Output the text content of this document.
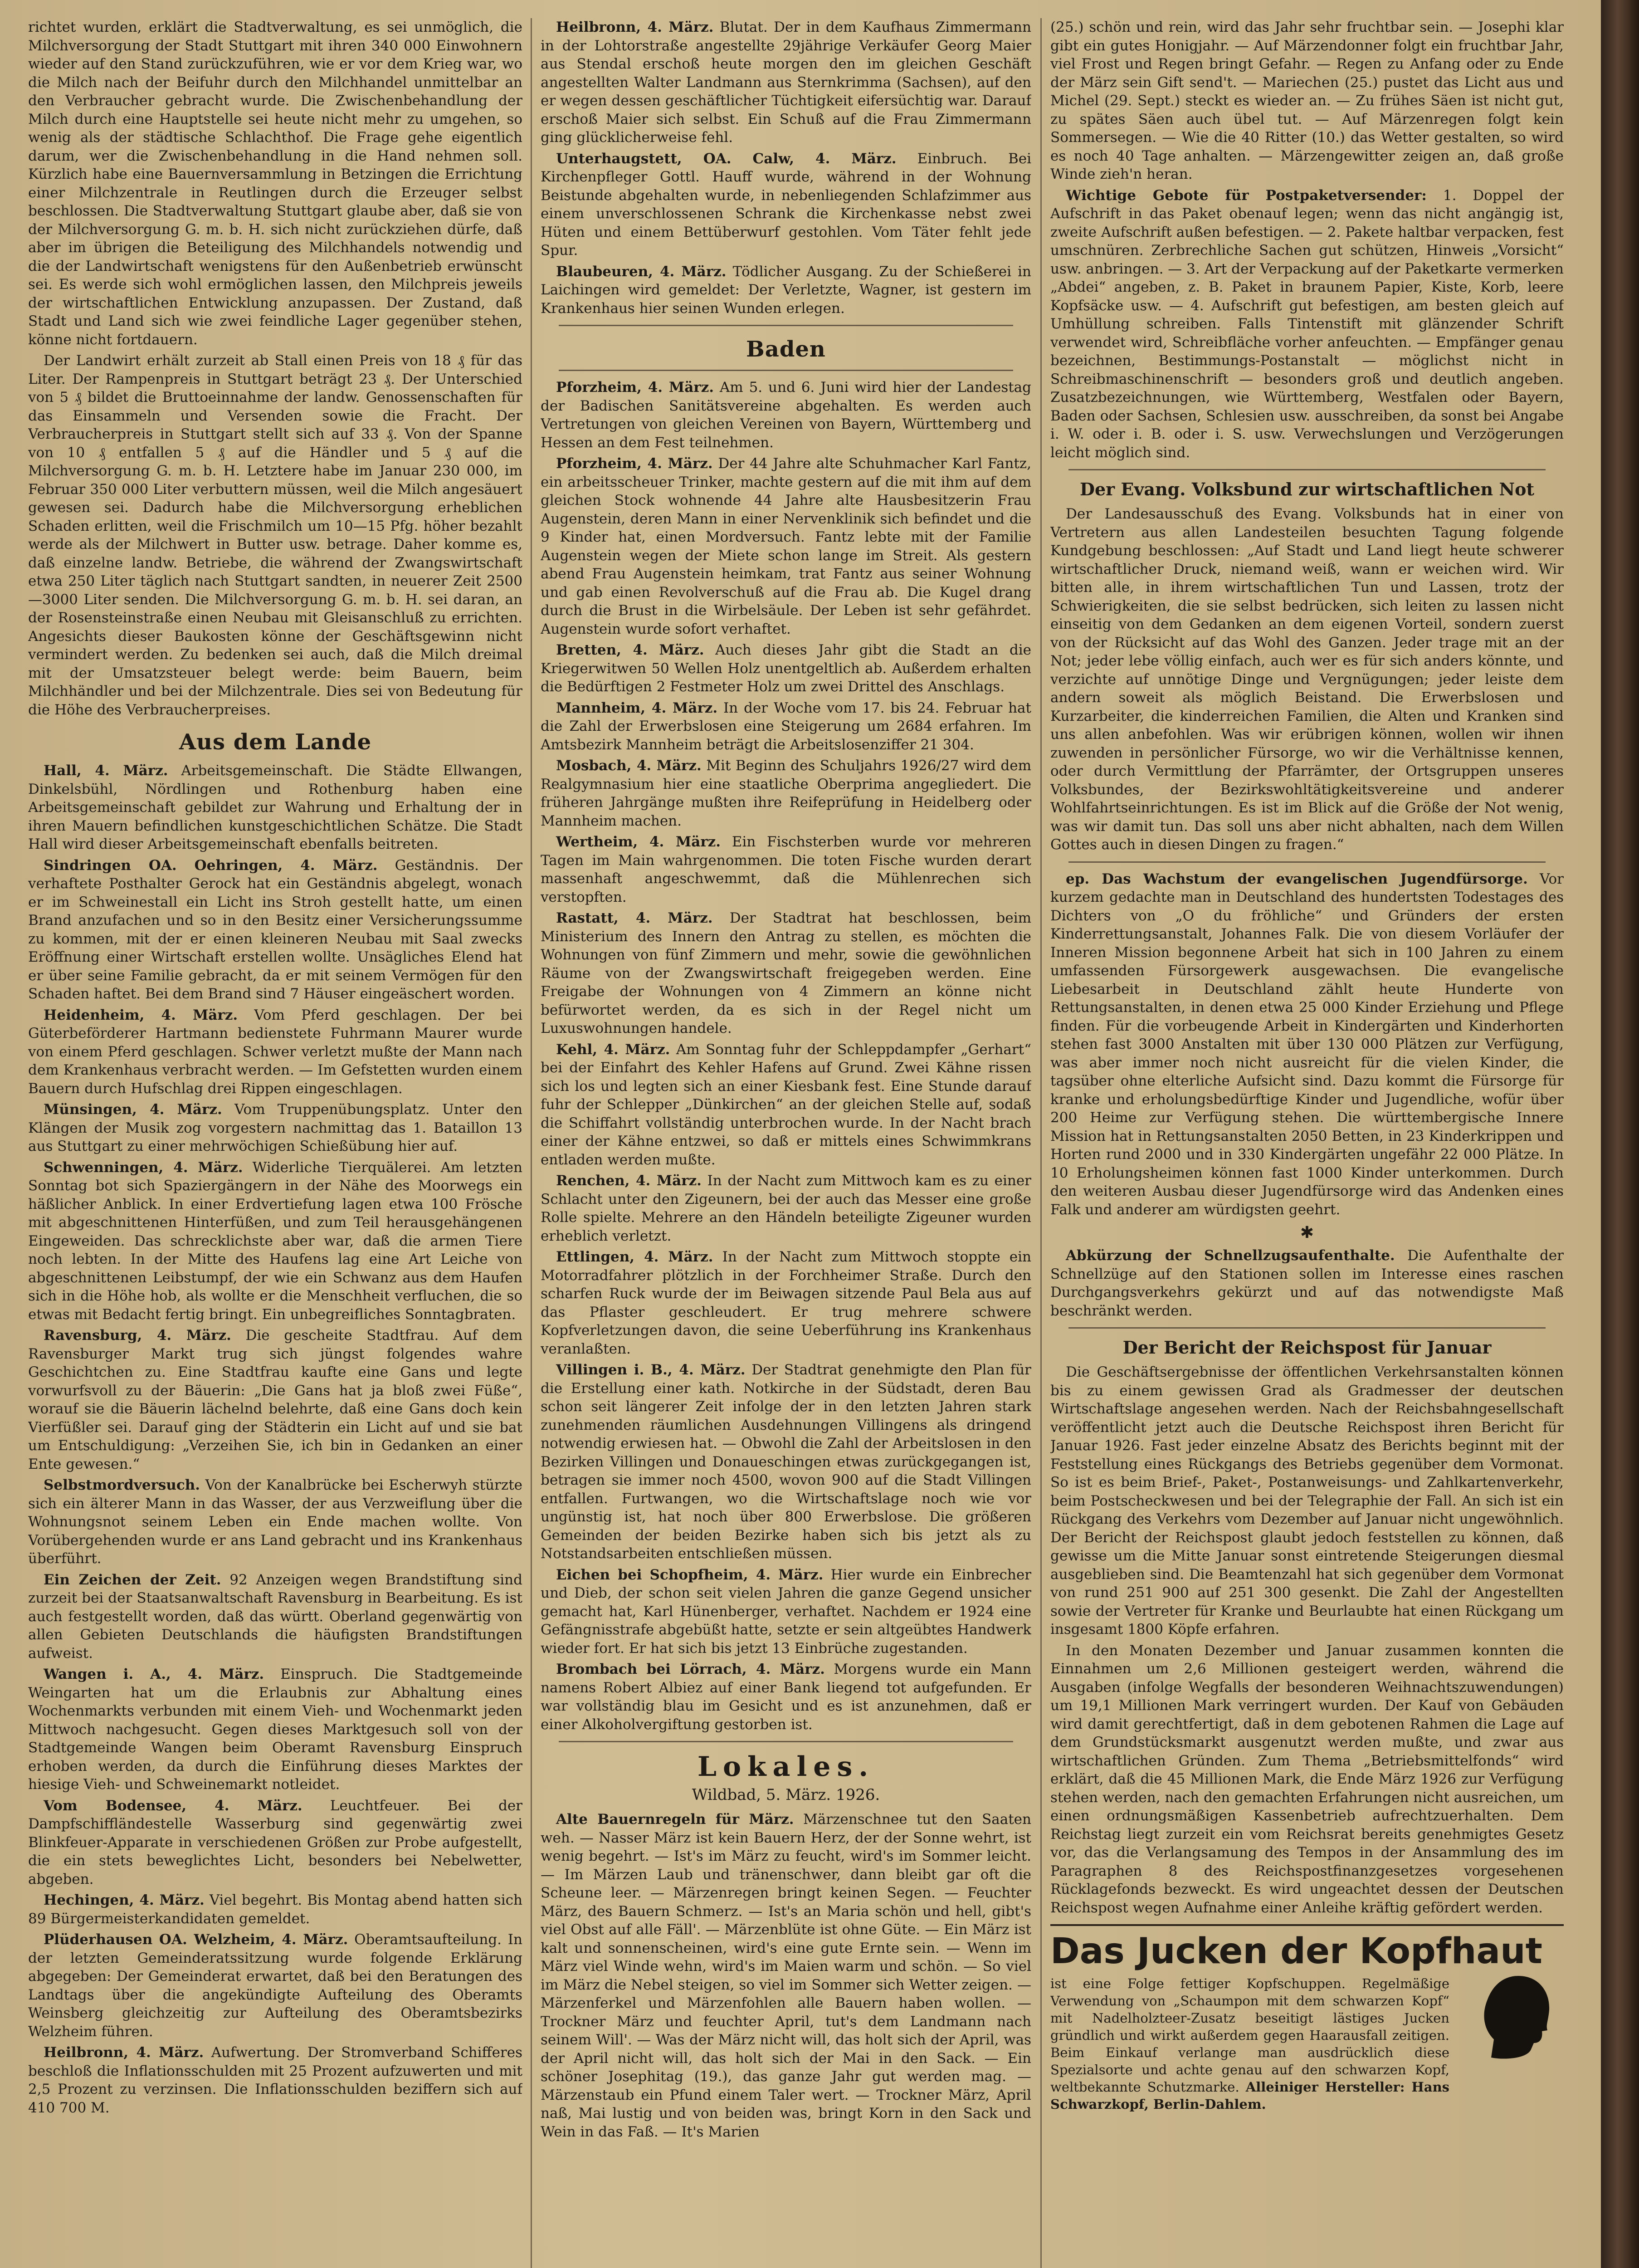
richtet wurden, erklärt die Stadtverwaltung, es sei unmöglich, die Milchversorgung der Stadt Stuttgart mit ihren 340 000 Einwohnern wieder auf den Stand zurückzuführen, wie er vor dem Krieg war, wo die Milch nach der Beifuhr durch den Milchhandel unmittelbar an den Verbraucher gebracht wurde. Die Zwischenbehandlung der Milch durch eine Hauptstelle sei heute nicht mehr zu umgehen, so wenig als der städtische Schlachthof. Die Frage gehe eigentlich darum, wer die Zwischenbehandlung in die Hand nehmen soll. Kürzlich habe eine Bauernversammlung in Betzingen die Errichtung einer Milchzentrale in Reutlingen durch die Erzeuger selbst beschlossen. Die Stadtverwaltung Stuttgart glaube aber, daß sie von der Milchversorgung G. m. b. H. sich nicht zurückziehen dürfe, daß aber im übrigen die Beteiligung des Milchhandels notwendig und die der Landwirtschaft wenigstens für den Außenbetrieb erwünscht sei. Es werde sich wohl ermöglichen lassen, den Milchpreis jeweils der wirtschaftlichen Entwicklung anzupassen. Der Zustand, daß Stadt und Land sich wie zwei feindliche Lager gegenüber stehen, könne nicht fortdauern.

Der Landwirt erhält zurzeit ab Stall einen Preis von 18 ₰ für das Liter. Der Rampenpreis in Stuttgart beträgt 23 ₰. Der Unterschied von 5 ₰ bildet die Bruttoeinnahme der landw. Genossenschaften für das Einsammeln und Versenden sowie die Fracht. Der Verbraucherpreis in Stuttgart stellt sich auf 33 ₰. Von der Spanne von 10 ₰ entfallen 5 ₰ auf die Händler und 5 ₰ auf die Milchversorgung G. m. b. H. Letztere habe im Januar 230 000, im Februar 350 000 Liter verbuttern müssen, weil die Milch angesäuert gewesen sei. Dadurch habe die Milchversorgung erheblichen Schaden erlitten, weil die Frischmilch um 10—15 Pfg. höher bezahlt werde als der Milchwert in Butter usw. betrage. Daher komme es, daß einzelne landw. Betriebe, die während der Zwangswirtschaft etwa 250 Liter täglich nach Stuttgart sandten, in neuerer Zeit 2500—3000 Liter senden. Die Milchversorgung G. m. b. H. sei daran, an der Rosensteinstraße einen Neubau mit Gleisanschluß zu errichten. Angesichts dieser Baukosten könne der Geschäftsgewinn nicht vermindert werden. Zu bedenken sei auch, daß die Milch dreimal mit der Umsatzsteuer belegt werde: beim Bauern, beim Milchhändler und bei der Milchzentrale. Dies sei von Bedeutung für die Höhe des Verbraucherpreises.

Aus dem Lande

Hall, 4. März. Arbeitsgemeinschaft. Die Städte Ellwangen, Dinkelsbühl, Nördlingen und Rothenburg haben eine Arbeitsgemeinschaft gebildet zur Wahrung und Erhaltung der in ihren Mauern befindlichen kunstgeschichtlichen Schätze. Die Stadt Hall wird dieser Arbeitsgemeinschaft ebenfalls beitreten.

Sindringen OA. Oehringen, 4. März. Geständnis. Der verhaftete Posthalter Gerock hat ein Geständnis abgelegt, wonach er im Schweinestall ein Licht ins Stroh gestellt hatte, um einen Brand anzufachen und so in den Besitz einer Versicherungssumme zu kommen, mit der er einen kleineren Neubau mit Saal zwecks Eröffnung einer Wirtschaft erstellen wollte. Unsägliches Elend hat er über seine Familie gebracht, da er mit seinem Vermögen für den Schaden haftet. Bei dem Brand sind 7 Häuser eingeäschert worden.

Heidenheim, 4. März. Vom Pferd geschlagen. Der bei Güterbeförderer Hartmann bedienstete Fuhrmann Maurer wurde von einem Pferd geschlagen. Schwer verletzt mußte der Mann nach dem Krankenhaus verbracht werden. — Im Gefstetten wurden einem Bauern durch Hufschlag drei Rippen eingeschlagen.

Münsingen, 4. März. Vom Truppenübungsplatz. Unter den Klängen der Musik zog vorgestern nachmittag das 1. Bataillon 13 aus Stuttgart zu einer mehrwöchigen Schießübung hier auf.

Schwenningen, 4. März. Widerliche Tierquälerei. Am letzten Sonntag bot sich Spaziergängern in der Nähe des Moorwegs ein häßlicher Anblick. In einer Erdvertiefung lagen etwa 100 Frösche mit abgeschnittenen Hinterfüßen, und zum Teil herausgehängenen Eingeweiden. Das schrecklichste aber war, daß die armen Tiere noch lebten. In der Mitte des Haufens lag eine Art Leiche von abgeschnittenen Leibstumpf, der wie ein Schwanz aus dem Haufen sich in die Höhe hob, als wollte er die Menschheit verfluchen, die so etwas mit Bedacht fertig bringt. Ein unbegreifliches Sonntagbraten.

Ravensburg, 4. März. Die gescheite Stadtfrau. Auf dem Ravensburger Markt trug sich jüngst folgendes wahre Geschichtchen zu. Eine Stadtfrau kaufte eine Gans und legte vorwurfsvoll zu der Bäuerin: „Die Gans hat ja bloß zwei Füße“, worauf sie die Bäuerin lächelnd belehrte, daß eine Gans doch kein Vierfüßler sei. Darauf ging der Städterin ein Licht auf und sie bat um Entschuldigung: „Verzeihen Sie, ich bin in Gedanken an einer Ente gewesen.“

Selbstmordversuch. Von der Kanalbrücke bei Escherwyh stürzte sich ein älterer Mann in das Wasser, der aus Verzweiflung über die Wohnungsnot seinem Leben ein Ende machen wollte. Von Vorübergehenden wurde er ans Land gebracht und ins Krankenhaus überführt.

Ein Zeichen der Zeit. 92 Anzeigen wegen Brandstiftung sind zurzeit bei der Staatsanwaltschaft Ravensburg in Bearbeitung. Es ist auch festgestellt worden, daß das württ. Oberland gegenwärtig von allen Gebieten Deutschlands die häufigsten Brandstiftungen aufweist.

Wangen i. A., 4. März. Einspruch. Die Stadtgemeinde Weingarten hat um die Erlaubnis zur Abhaltung eines Wochenmarkts verbunden mit einem Vieh- und Wochenmarkt jeden Mittwoch nachgesucht. Gegen dieses Marktgesuch soll von der Stadtgemeinde Wangen beim Oberamt Ravensburg Einspruch erhoben werden, da durch die Einführung dieses Marktes der hiesige Vieh- und Schweinemarkt notleidet.

Vom Bodensee, 4. März. Leuchtfeuer. Bei der Dampfschiffländestelle Wasserburg sind gegenwärtig zwei Blinkfeuer-Apparate in verschiedenen Größen zur Probe aufgestellt, die ein stets beweglichtes Licht, besonders bei Nebelwetter, abgeben.

Hechingen, 4. März. Viel begehrt. Bis Montag abend hatten sich 89 Bürgermeisterkandidaten gemeldet.

Plüderhausen OA. Welzheim, 4. März. Oberamtsaufteilung. In der letzten Gemeinderatssitzung wurde folgende Erklärung abgegeben: Der Gemeinderat erwartet, daß bei den Beratungen des Landtags über die angekündigte Aufteilung des Oberamts Weinsberg gleichzeitig zur Aufteilung des Oberamtsbezirks Welzheim führen.

Heilbronn, 4. März. Aufwertung. Der Stromverband Schifferes beschloß die Inflationsschulden mit 25 Prozent aufzuwerten und mit 2,5 Prozent zu verzinsen. Die Inflationsschulden beziffern sich auf 410 700 M.

Heilbronn, 4. März. Blutat. Der in dem Kaufhaus Zimmermann in der Lohtorstraße angestellte 29jährige Verkäufer Georg Maier aus Stendal erschoß heute morgen den im gleichen Geschäft angestellten Walter Landmann aus Sternkrimma (Sachsen), auf den er wegen dessen geschäftlicher Tüchtigkeit eifersüchtig war. Darauf erschoß Maier sich selbst. Ein Schuß auf die Frau Zimmermann ging glücklicherweise fehl.

Unterhaugstett, OA. Calw, 4. März. Einbruch. Bei Kirchenpfleger Gottl. Hauff wurde, während in der Wohnung Beistunde abgehalten wurde, in nebenliegenden Schlafzimmer aus einem unverschlossenen Schrank die Kirchenkasse nebst zwei Hüten und einem Bettüberwurf gestohlen. Vom Täter fehlt jede Spur.

Blaubeuren, 4. März. Tödlicher Ausgang. Zu der Schießerei in Laichingen wird gemeldet: Der Verletzte, Wagner, ist gestern im Krankenhaus hier seinen Wunden erlegen.

Baden

Pforzheim, 4. März. Am 5. und 6. Juni wird hier der Landestag der Badischen Sanitätsvereine abgehalten. Es werden auch Vertretungen von gleichen Vereinen von Bayern, Württemberg und Hessen an dem Fest teilnehmen.

Pforzheim, 4. März. Der 44 Jahre alte Schuhmacher Karl Fantz, ein arbeitsscheuer Trinker, machte gestern auf die mit ihm auf dem gleichen Stock wohnende 44 Jahre alte Hausbesitzerin Frau Augenstein, deren Mann in einer Nervenklinik sich befindet und die 9 Kinder hat, einen Mordversuch. Fantz lebte mit der Familie Augenstein wegen der Miete schon lange im Streit. Als gestern abend Frau Augenstein heimkam, trat Fantz aus seiner Wohnung und gab einen Revolverschuß auf die Frau ab. Die Kugel drang durch die Brust in die Wirbelsäule. Der Leben ist sehr gefährdet. Augenstein wurde sofort verhaftet.

Bretten, 4. März. Auch dieses Jahr gibt die Stadt an die Kriegerwitwen 50 Wellen Holz unentgeltlich ab. Außerdem erhalten die Bedürftigen 2 Festmeter Holz um zwei Drittel des Anschlags.

Mannheim, 4. März. In der Woche vom 17. bis 24. Februar hat die Zahl der Erwerbslosen eine Steigerung um 2684 erfahren. Im Amtsbezirk Mannheim beträgt die Arbeitslosenziffer 21 304.

Mosbach, 4. März. Mit Beginn des Schuljahrs 1926/27 wird dem Realgymnasium hier eine staatliche Oberprima angegliedert. Die früheren Jahrgänge mußten ihre Reifeprüfung in Heidelberg oder Mannheim machen.

Wertheim, 4. März. Ein Fischsterben wurde vor mehreren Tagen im Main wahrgenommen. Die toten Fische wurden derart massenhaft angeschwemmt, daß die Mühlenrechen sich verstopften.

Rastatt, 4. März. Der Stadtrat hat beschlossen, beim Ministerium des Innern den Antrag zu stellen, es möchten die Wohnungen von fünf Zimmern und mehr, sowie die gewöhnlichen Räume von der Zwangswirtschaft freigegeben werden. Eine Freigabe der Wohnungen von 4 Zimmern an könne nicht befürwortet werden, da es sich in der Regel nicht um Luxuswohnungen handele.

Kehl, 4. März. Am Sonntag fuhr der Schleppdampfer „Gerhart“ bei der Einfahrt des Kehler Hafens auf Grund. Zwei Kähne rissen sich los und legten sich an einer Kiesbank fest. Eine Stunde darauf fuhr der Schlepper „Dünkirchen“ an der gleichen Stelle auf, sodaß die Schiffahrt vollständig unterbrochen wurde. In der Nacht brach einer der Kähne entzwei, so daß er mittels eines Schwimmkrans entladen werden mußte.

Renchen, 4. März. In der Nacht zum Mittwoch kam es zu einer Schlacht unter den Zigeunern, bei der auch das Messer eine große Rolle spielte. Mehrere an den Händeln beteiligte Zigeuner wurden erheblich verletzt.

Ettlingen, 4. März. In der Nacht zum Mittwoch stoppte ein Motorradfahrer plötzlich in der Forchheimer Straße. Durch den scharfen Ruck wurde der im Beiwagen sitzende Paul Bela aus auf das Pflaster geschleudert. Er trug mehrere schwere Kopfverletzungen davon, die seine Ueberführung ins Krankenhaus veranlaßten.

Villingen i. B., 4. März. Der Stadtrat genehmigte den Plan für die Erstellung einer kath. Notkirche in der Südstadt, deren Bau schon seit längerer Zeit infolge der in den letzten Jahren stark zunehmenden räumlichen Ausdehnungen Villingens als dringend notwendig erwiesen hat. — Obwohl die Zahl der Arbeitslosen in den Bezirken Villingen und Donaueschingen etwas zurückgegangen ist, betragen sie immer noch 4500, wovon 900 auf die Stadt Villingen entfallen. Furtwangen, wo die Wirtschaftslage noch wie vor ungünstig ist, hat noch über 800 Erwerbslose. Die größeren Gemeinden der beiden Bezirke haben sich bis jetzt als zu Notstandsarbeiten entschließen müssen.

Eichen bei Schopfheim, 4. März. Hier wurde ein Einbrecher und Dieb, der schon seit vielen Jahren die ganze Gegend unsicher gemacht hat, Karl Hünenberger, verhaftet. Nachdem er 1924 eine Gefängnisstrafe abgebüßt hatte, setzte er sein altgeübtes Handwerk wieder fort. Er hat sich bis jetzt 13 Einbrüche zugestanden.

Brombach bei Lörrach, 4. März. Morgens wurde ein Mann namens Robert Albiez auf einer Bank liegend tot aufgefunden. Er war vollständig blau im Gesicht und es ist anzunehmen, daß er einer Alkoholvergiftung gestorben ist.

Lokales.
Wildbad, 5. März. 1926.

Alte Bauernregeln für März. Märzenschnee tut den Saaten weh. — Nasser März ist kein Bauern Herz, der der Sonne wehrt, ist wenig begehrt. — Ist's im März zu feucht, wird's im Sommer leicht. — Im Märzen Laub und tränenschwer, dann bleibt gar oft die Scheune leer. — Märzenregen bringt keinen Segen. — Feuchter März, des Bauern Schmerz. — Ist's an Maria schön und hell, gibt's viel Obst auf alle Fäll'. — Märzenblüte ist ohne Güte. — Ein März ist kalt und sonnenscheinen, wird's eine gute Ernte sein. — Wenn im März viel Winde wehn, wird's im Maien warm und schön. — So viel im März die Nebel steigen, so viel im Sommer sich Wetter zeigen. — Märzenferkel und Märzenfohlen alle Bauern haben wollen. — Trockner März und feuchter April, tut's dem Landmann nach seinem Will'. — Was der März nicht will, das holt sich der April, was der April nicht will, das holt sich der Mai in den Sack. — Ein schöner Josephitag (19.), das ganze Jahr gut werden mag. — Märzenstaub ein Pfund einem Taler wert. — Trockner März, April naß, Mai lustig und von beiden was, bringt Korn in den Sack und Wein in das Faß. — It's Marien

(25.) schön und rein, wird das Jahr sehr fruchtbar sein. — Josephi klar gibt ein gutes Honigjahr. — Auf Märzendonner folgt ein fruchtbar Jahr, viel Frost und Regen bringt Gefahr. — Regen zu Anfang oder zu Ende der März sein Gift send't. — Mariechen (25.) pustet das Licht aus und Michel (29. Sept.) steckt es wieder an. — Zu frühes Säen ist nicht gut, zu spätes Säen auch übel tut. — Auf Märzenregen folgt kein Sommersegen. — Wie die 40 Ritter (10.) das Wetter gestalten, so wird es noch 40 Tage anhalten. — Märzengewitter zeigen an, daß große Winde zieh'n heran.

Wichtige Gebote für Postpaketversender: 1. Doppel der Aufschrift in das Paket obenauf legen; wenn das nicht angängig ist, zweite Aufschrift außen befestigen. — 2. Pakete haltbar verpacken, fest umschnüren. Zerbrechliche Sachen gut schützen, Hinweis „Vorsicht“ usw. anbringen. — 3. Art der Verpackung auf der Paketkarte vermerken „Abdei“ angeben, z. B. Paket in braunem Papier, Kiste, Korb, leere Kopfsäcke usw. — 4. Aufschrift gut befestigen, am besten gleich auf Umhüllung schreiben. Falls Tintenstift mit glänzender Schrift verwendet wird, Schreibfläche vorher anfeuchten. — Empfänger genau bezeichnen, Bestimmungs-Postanstalt — möglichst nicht in Schreibmaschinenschrift — besonders groß und deutlich angeben. Zusatzbezeichnungen, wie Württemberg, Westfalen oder Bayern, Baden oder Sachsen, Schlesien usw. ausschreiben, da sonst bei Angabe i. W. oder i. B. oder i. S. usw. Verwechslungen und Verzögerungen leicht möglich sind.

Der Evang. Volksbund zur wirtschaftlichen Not

Der Landesausschuß des Evang. Volksbunds hat in einer von Vertretern aus allen Landesteilen besuchten Tagung folgende Kundgebung beschlossen: „Auf Stadt und Land liegt heute schwerer wirtschaftlicher Druck, niemand weiß, wann er weichen wird. Wir bitten alle, in ihrem wirtschaftlichen Tun und Lassen, trotz der Schwierigkeiten, die sie selbst bedrücken, sich leiten zu lassen nicht einseitig von dem Gedanken an dem eigenen Vorteil, sondern zuerst von der Rücksicht auf das Wohl des Ganzen. Jeder trage mit an der Not; jeder lebe völlig einfach, auch wer es für sich anders könnte, und verzichte auf unnötige Dinge und Vergnügungen; jeder leiste dem andern soweit als möglich Beistand. Die Erwerbslosen und Kurzarbeiter, die kinderreichen Familien, die Alten und Kranken sind uns allen anbefohlen. Was wir erübrigen können, wollen wir ihnen zuwenden in persönlicher Fürsorge, wo wir die Verhältnisse kennen, oder durch Vermittlung der Pfarrämter, der Ortsgruppen unseres Volksbundes, der Bezirkswohltätigkeitsvereine und anderer Wohlfahrtseinrichtungen. Es ist im Blick auf die Größe der Not wenig, was wir damit tun. Das soll uns aber nicht abhalten, nach dem Willen Gottes auch in diesen Dingen zu fragen.“

ep. Das Wachstum der evangelischen Jugendfürsorge. Vor kurzem gedachte man in Deutschland des hundertsten Todestages des Dichters von „O du fröhliche“ und Gründers der ersten Kinderrettungsanstalt, Johannes Falk. Die von diesem Vorläufer der Inneren Mission begonnene Arbeit hat sich in 100 Jahren zu einem umfassenden Fürsorgewerk ausgewachsen. Die evangelische Liebesarbeit in Deutschland zählt heute Hunderte von Rettungsanstalten, in denen etwa 25 000 Kinder Erziehung und Pflege finden. Für die vorbeugende Arbeit in Kindergärten und Kinderhorten stehen fast 3000 Anstalten mit über 130 000 Plätzen zur Verfügung, was aber immer noch nicht ausreicht für die vielen Kinder, die tagsüber ohne elterliche Aufsicht sind. Dazu kommt die Fürsorge für kranke und erholungsbedürftige Kinder und Jugendliche, wofür über 200 Heime zur Verfügung stehen. Die württembergische Innere Mission hat in Rettungsanstalten 2050 Betten, in 23 Kinderkrippen und Horten rund 2000 und in 330 Kindergärten ungefähr 22 000 Plätze. In 10 Erholungsheimen können fast 1000 Kinder unterkommen. Durch den weiteren Ausbau dieser Jugendfürsorge wird das Andenken eines Falk und anderer am würdigsten geehrt.

✱

Abkürzung der Schnellzugsaufenthalte. Die Aufenthalte der Schnellzüge auf den Stationen sollen im Interesse eines raschen Durchgangsverkehrs gekürzt und auf das notwendigste Maß beschränkt werden.

Der Bericht der Reichspost für Januar

Die Geschäftsergebnisse der öffentlichen Verkehrsanstalten können bis zu einem gewissen Grad als Gradmesser der deutschen Wirtschaftslage angesehen werden. Nach der Reichsbahngesellschaft veröffentlicht jetzt auch die Deutsche Reichspost ihren Bericht für Januar 1926. Fast jeder einzelne Absatz des Berichts beginnt mit der Feststellung eines Rückgangs des Betriebs gegenüber dem Vormonat. So ist es beim Brief-, Paket-, Postanweisungs- und Zahlkartenverkehr, beim Postscheckwesen und bei der Telegraphie der Fall. An sich ist ein Rückgang des Verkehrs vom Dezember auf Januar nicht ungewöhnlich. Der Bericht der Reichspost glaubt jedoch feststellen zu können, daß gewisse um die Mitte Januar sonst eintretende Steigerungen diesmal ausgeblieben sind. Die Beamtenzahl hat sich gegenüber dem Vormonat von rund 251 900 auf 251 300 gesenkt. Die Zahl der Angestellten sowie der Vertreter für Kranke und Beurlaubte hat einen Rückgang um insgesamt 1800 Köpfe erfahren.

In den Monaten Dezember und Januar zusammen konnten die Einnahmen um 2,6 Millionen gesteigert werden, während die Ausgaben (infolge Wegfalls der besonderen Weihnachtszuwendungen) um 19,1 Millionen Mark verringert wurden. Der Kauf von Gebäuden wird damit gerechtfertigt, daß in dem gebotenen Rahmen die Lage auf dem Grundstücksmarkt ausgenutzt werden mußte, und zwar aus wirtschaftlichen Gründen. Zum Thema „Betriebsmittelfonds“ wird erklärt, daß die 45 Millionen Mark, die Ende März 1926 zur Verfügung stehen werden, nach den gemachten Erfahrungen nicht ausreichen, um einen ordnungsmäßigen Kassenbetrieb aufrechtzuerhalten. Dem Reichstag liegt zurzeit ein vom Reichsrat bereits genehmigtes Gesetz vor, das die Verlangsamung des Tempos in der Ansammlung des im Paragraphen 8 des Reichspostfinanzgesetzes vorgesehenen Rücklagefonds bezweckt. Es wird ungeachtet dessen der Deutschen Reichspost wegen Aufnahme einer Anleihe kräftig gefördert werden.

Das Jucken der Kopfhaut
ist eine Folge fettiger Kopfschuppen. Regelmäßige Verwendung von „Schaumpon mit dem schwarzen Kopf“ mit Nadelholzteer-Zusatz beseitigt lästiges Jucken gründlich und wirkt außerdem gegen Haarausfall zeitigen. Beim Einkauf verlange man ausdrücklich diese Spezialsorte und achte genau auf den schwarzen Kopf, weltbekannte Schutzmarke. Alleiniger Hersteller: Hans Schwarzkopf, Berlin-Dahlem.
